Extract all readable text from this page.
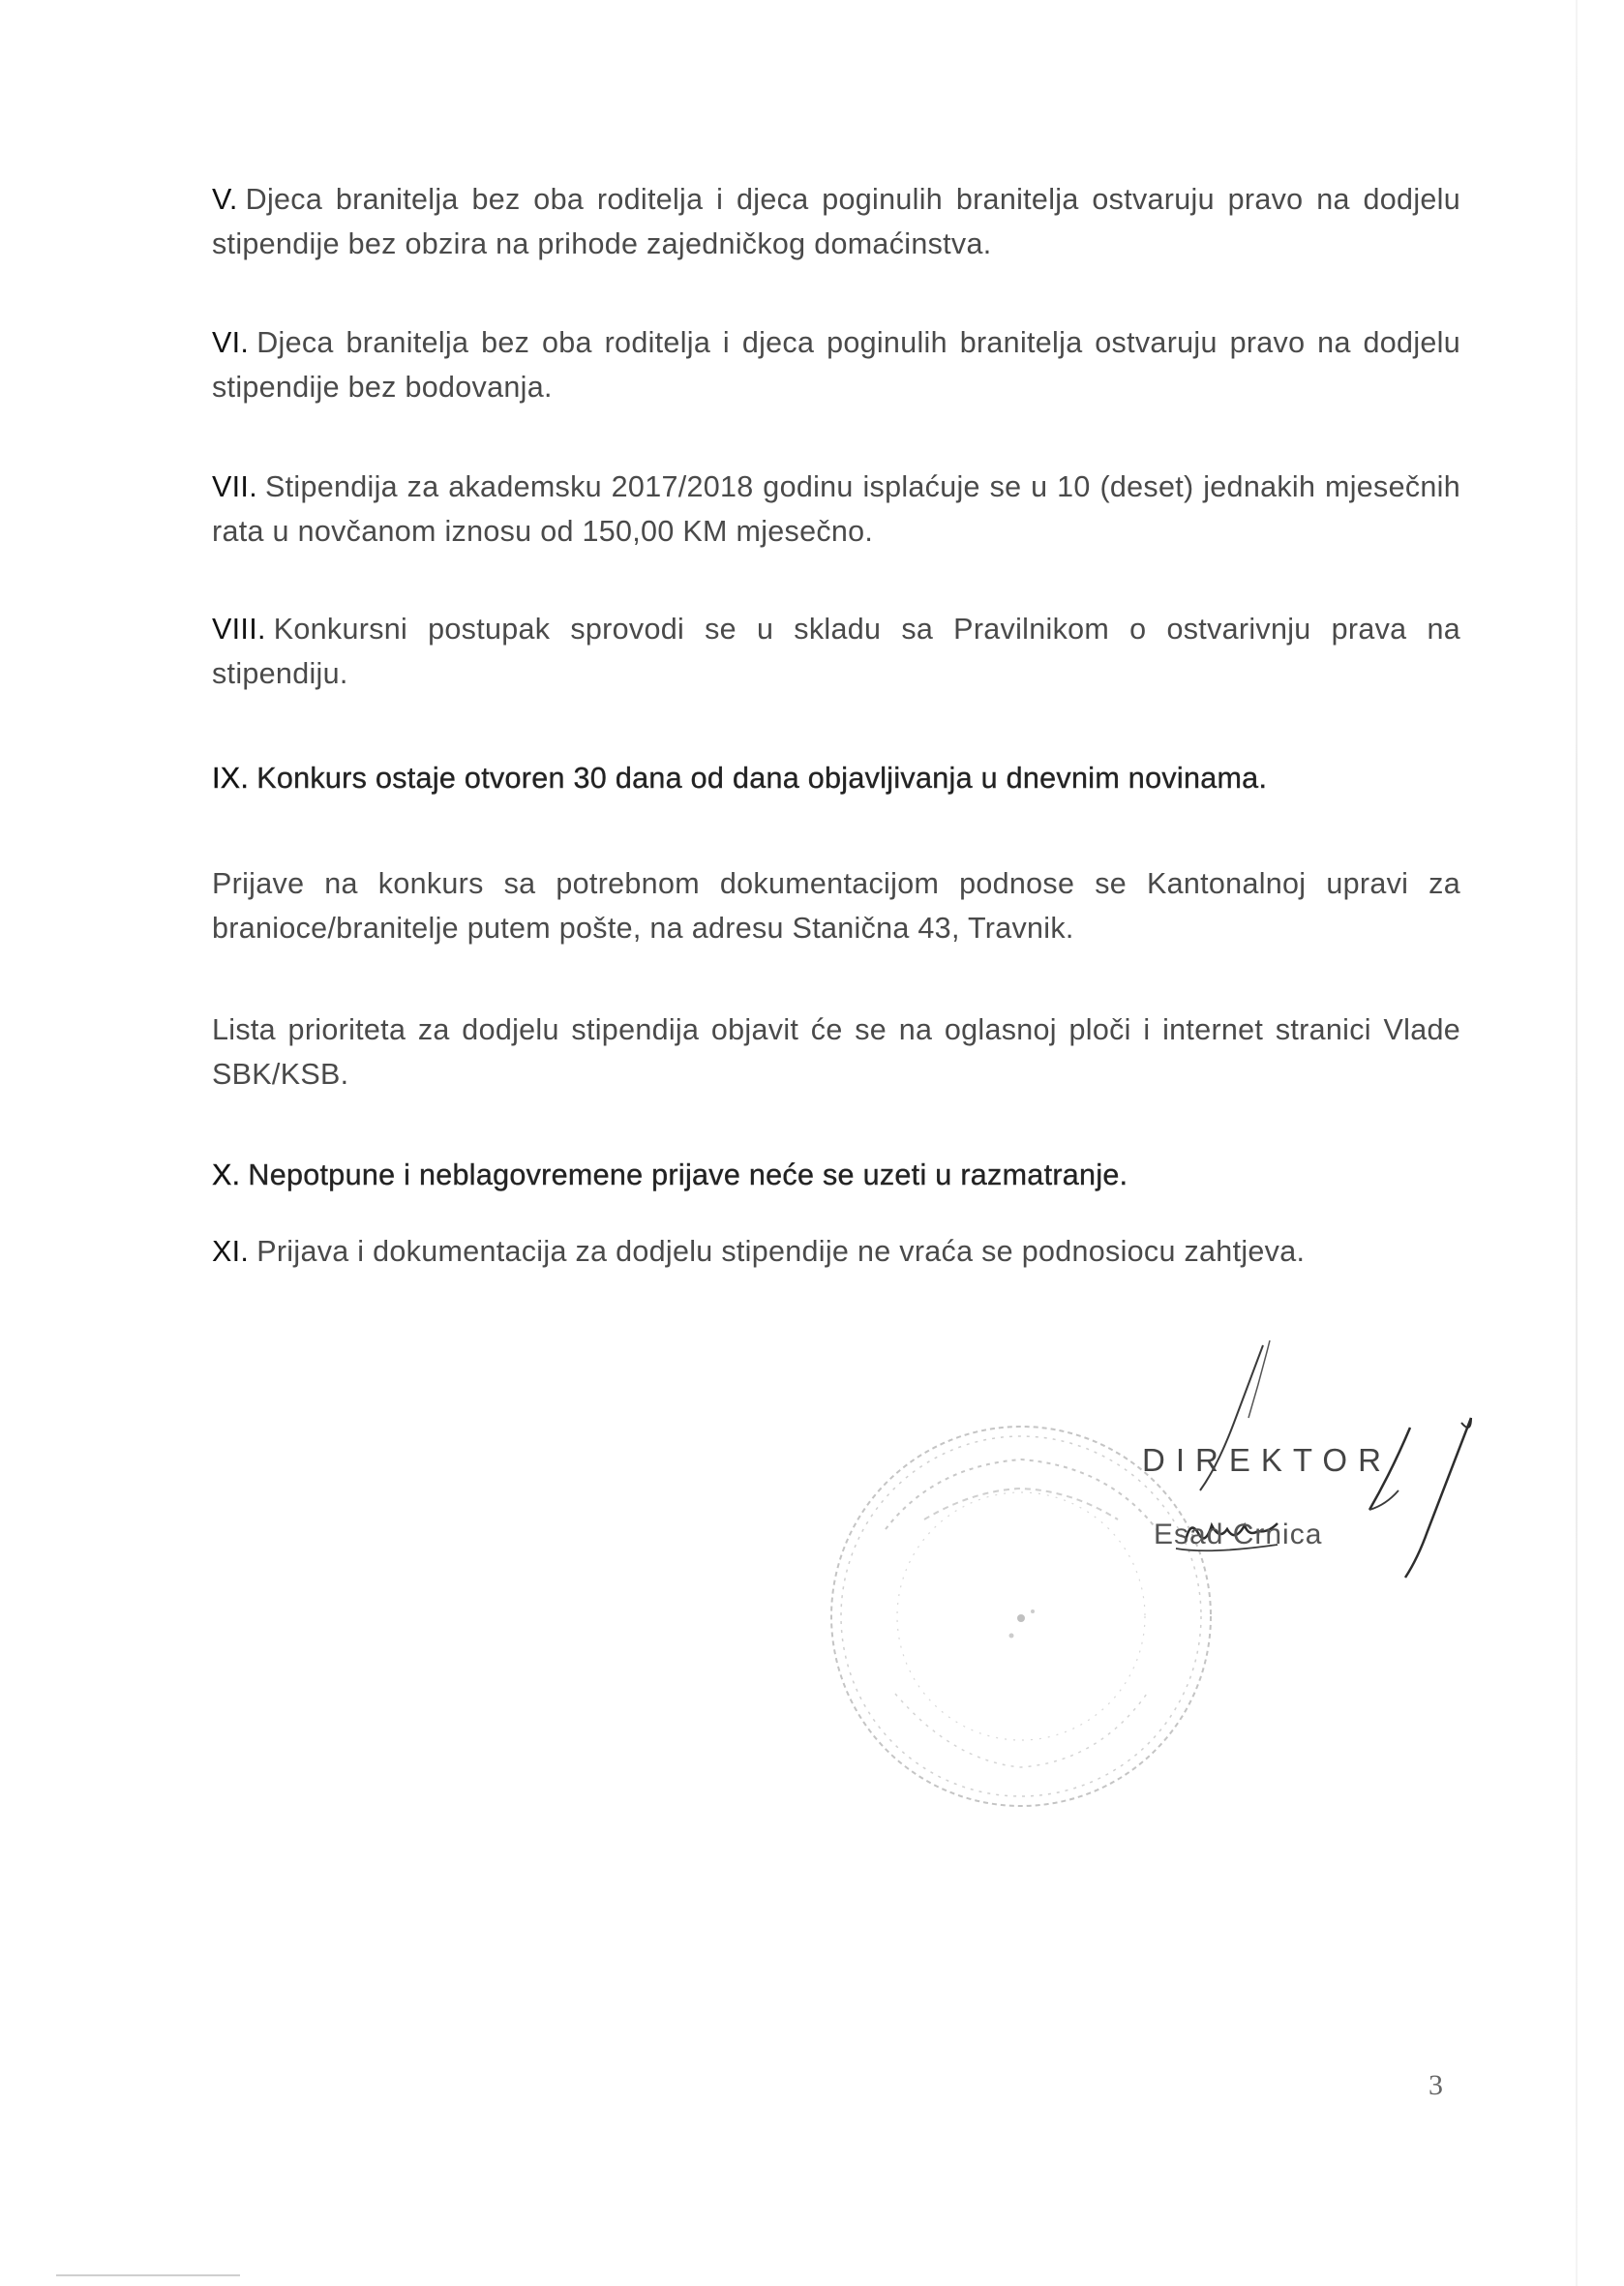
V. Djeca branitelja bez oba roditelja i djeca poginulih branitelja ostvaruju pravo na dodjelu stipendije bez obzira na prihode zajedničkog domaćinstva.

VI. Djeca branitelja bez oba roditelja i djeca poginulih branitelja ostvaruju pravo na dodjelu stipendije bez bodovanja.

VII. Stipendija za akademsku 2017/2018 godinu isplaćuje se u 10 (deset) jednakih mjesečnih rata u novčanom iznosu od 150,00 KM mjesečno.

VIII. Konkursni postupak sprovodi se u skladu sa Pravilnikom o ostvarivnju prava na stipendiju.

IX. Konkurs ostaje otvoren 30 dana od dana objavljivanja u dnevnim novinama.

Prijave na konkurs sa potrebnom dokumentacijom podnose se Kantonalnoj upravi za branioce/branitelje putem pošte, na adresu Stanična 43, Travnik.

Lista prioriteta za dodjelu stipendija objavit će se na oglasnoj ploči i internet stranici Vlade SBK/KSB.

X. Nepotpune i neblagovremene prijave neće se uzeti u razmatranje.

XI. Prijava i dokumentacija za dodjelu stipendije ne vraća se podnosiocu zahtjeva.

DIREKTOR
Esad Crnica
3
